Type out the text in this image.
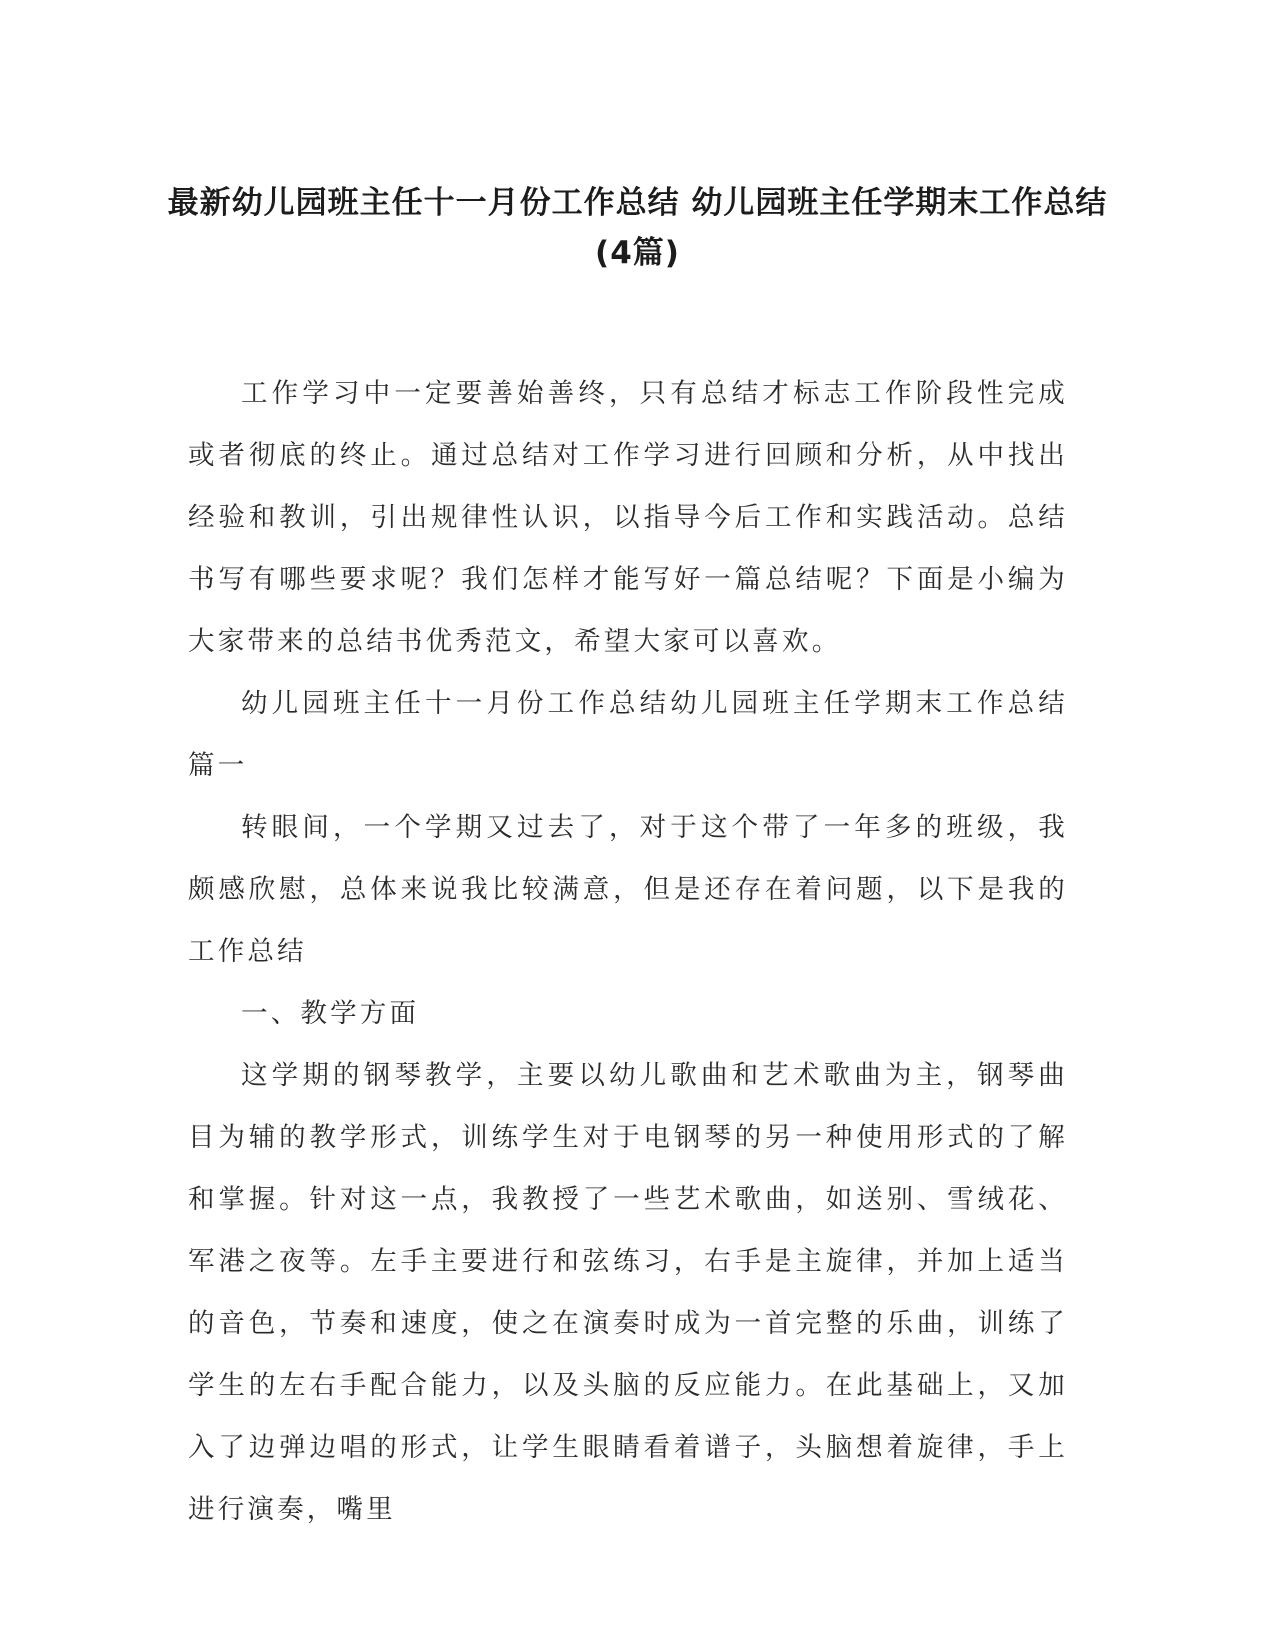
最新幼儿园班主任十一月份工作总结 幼儿园班主任学期末工作总结(4篇)

工作学习中一定要善始善终，只有总结才标志工作阶段性完成或者彻底的终止。通过总结对工作学习进行回顾和分析，从中找出经验和教训，引出规律性认识，以指导今后工作和实践活动。总结书写有哪些要求呢？我们怎样才能写好一篇总结呢？下面是小编为大家带来的总结书优秀范文，希望大家可以喜欢。

幼儿园班主任十一月份工作总结幼儿园班主任学期末工作总结篇一

转眼间，一个学期又过去了，对于这个带了一年多的班级，我颇感欣慰，总体来说我比较满意，但是还存在着问题，以下是我的工作总结

一、教学方面

这学期的钢琴教学，主要以幼儿歌曲和艺术歌曲为主，钢琴曲目为辅的教学形式，训练学生对于电钢琴的另一种使用形式的了解和掌握。针对这一点，我教授了一些艺术歌曲，如送别、雪绒花、军港之夜等。左手主要进行和弦练习，右手是主旋律，并加上适当的音色，节奏和速度，使之在演奏时成为一首完整的乐曲，训练了学生的左右手配合能力，以及头脑的反应能力。在此基础上，又加入了边弹边唱的形式，让学生眼睛看着谱子，头脑想着旋律，手上进行演奏，嘴里
